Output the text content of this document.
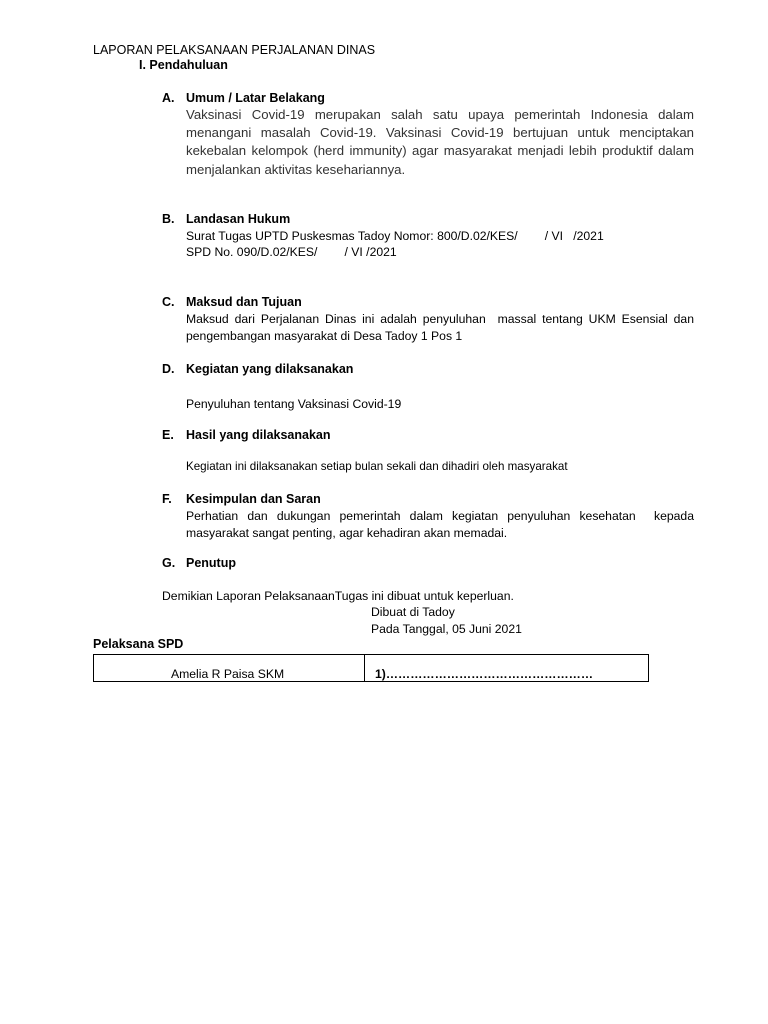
LAPORAN PELAKSANAAN PERJALANAN DINAS
I. Pendahuluan
A. Umum / Latar Belakang
Vaksinasi Covid-19 merupakan salah satu upaya pemerintah Indonesia dalam menangani masalah Covid-19. Vaksinasi Covid-19 bertujuan untuk menciptakan kekebalan kelompok (herd immunity) agar masyarakat menjadi lebih produktif dalam menjalankan aktivitas kesehariannya.
B. Landasan Hukum
Surat Tugas UPTD Puskesmas Tadoy Nomor: 800/D.02/KES/        / VI   /2021
SPD No. 090/D.02/KES/        / VI /2021
C. Maksud dan Tujuan
Maksud dari Perjalanan Dinas ini adalah penyuluhan  massal tentang UKM Esensial dan pengembangan masyarakat di Desa Tadoy 1 Pos 1
D. Kegiatan yang dilaksanakan
Penyuluhan tentang Vaksinasi Covid-19
E. Hasil yang dilaksanakan
Kegiatan ini dilaksanakan setiap bulan sekali dan dihadiri oleh masyarakat
F. Kesimpulan dan Saran
Perhatian dan dukungan pemerintah dalam kegiatan penyuluhan kesehatan  kepada masyarakat sangat penting, agar kehadiran akan memadai.
G. Penutup
Demikian Laporan PelaksanaanTugas ini dibuat untuk keperluan.
Dibuat di Tadoy
Pada Tanggal, 05 Juni 2021
Pelaksana SPD
Amelia R Paisa SKM	1)……………………………………………
